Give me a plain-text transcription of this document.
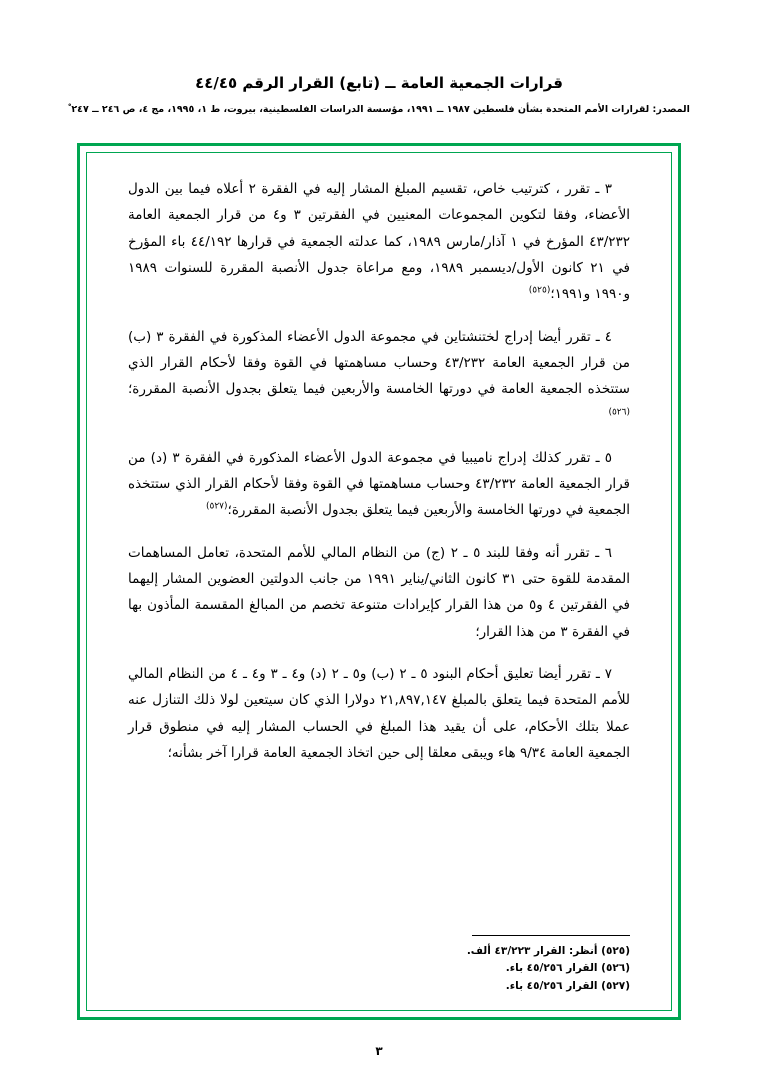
قرارات الجمعية العامة ــ (تابع) القرار الرقم ٤٤/٤٥
المصدر: لقرارات الأمم المتحدة بشأن فلسطين ١٩٨٧ ــ ١٩٩١، مؤسسة الدراسات الفلسطينية، بيروت، ط ١، ١٩٩٥، مج ٤، ص ٢٤٦ ــ ٢٤٧ ْ

٣ ـ تقرر ، كترتيب خاص، تقسيم المبلغ المشار إليه في الفقرة ٢ أعلاه فيما بين الدول الأعضاء، وفقا لتكوين المجموعات المعنيين في الفقرتين ٣ و٤ من قرار الجمعية العامة ٤٣/٢٣٢ المؤرخ في ١ آذار/مارس ١٩٨٩، كما عدلته الجمعية في قرارها ٤٤/١٩٢ باء المؤرخ في ٢١ كانون الأول/ديسمبر ١٩٨٩، ومع مراعاة جدول الأنصبة المقررة للسنوات ١٩٨٩ و١٩٩٠ و١٩٩١؛$^{(٥٢٥)}$

٤ ـ تقرر أيضا إدراج لختنشتاين في مجموعة الدول الأعضاء المذكورة في الفقرة ٣ (ب) من قرار الجمعية العامة ٤٣/٢٣٢ وحساب مساهمتها في القوة وفقا لأحكام القرار الذي ستتخذه الجمعية العامة في دورتها الخامسة والأربعين فيما يتعلق بجدول الأنصبة المقررة؛$^{(٥٢٦)}$

٥ ـ تقرر كذلك إدراج ناميبيا في مجموعة الدول الأعضاء المذكورة في الفقرة ٣ (د) من قرار الجمعية العامة ٤٣/٢٣٢ وحساب مساهمتها في القوة وفقا لأحكام القرار الذي ستتخذه الجمعية في دورتها الخامسة والأربعين فيما يتعلق بجدول الأنصبة المقررة؛$^{(٥٢٧)}$

٦ ـ تقرر أنه وفقا للبند ٥ ـ ٢ (ج) من النظام المالي للأمم المتحدة، تعامل المساهمات المقدمة للقوة حتى ٣١ كانون الثاني/يناير ١٩٩١ من جانب الدولتين العضوين المشار إليهما في الفقرتين ٤ و٥ من هذا القرار كإيرادات متنوعة تخصم من المبالغ المقسمة المأذون بها في الفقرة ٣ من هذا القرار؛

٧ ـ تقرر أيضا تعليق أحكام البنود ٥ ـ ٢ (ب) و٥ ـ ٢ (د) و٤ ـ ٣ و٤ ـ ٤ من النظام المالي للأمم المتحدة فيما يتعلق بالمبلغ ٢١,٨٩٧,١٤٧ دولارا الذي كان سيتعين لولا ذلك التنازل عنه عملا بتلك الأحكام، على أن يقيد هذا المبلغ في الحساب المشار إليه في منطوق قرار الجمعية العامة ٩/٣٤ هاء ويبقى معلقا إلى حين اتخاذ الجمعية العامة قرارا آخر بشأنه؛

(٥٢٥) أنظر: القرار ٤٣/٢٢٣ ألف.
(٥٢٦) القرار ٤٥/٢٥٦ باء.
(٥٢٧) القرار ٤٥/٢٥٦ باء.
٣
